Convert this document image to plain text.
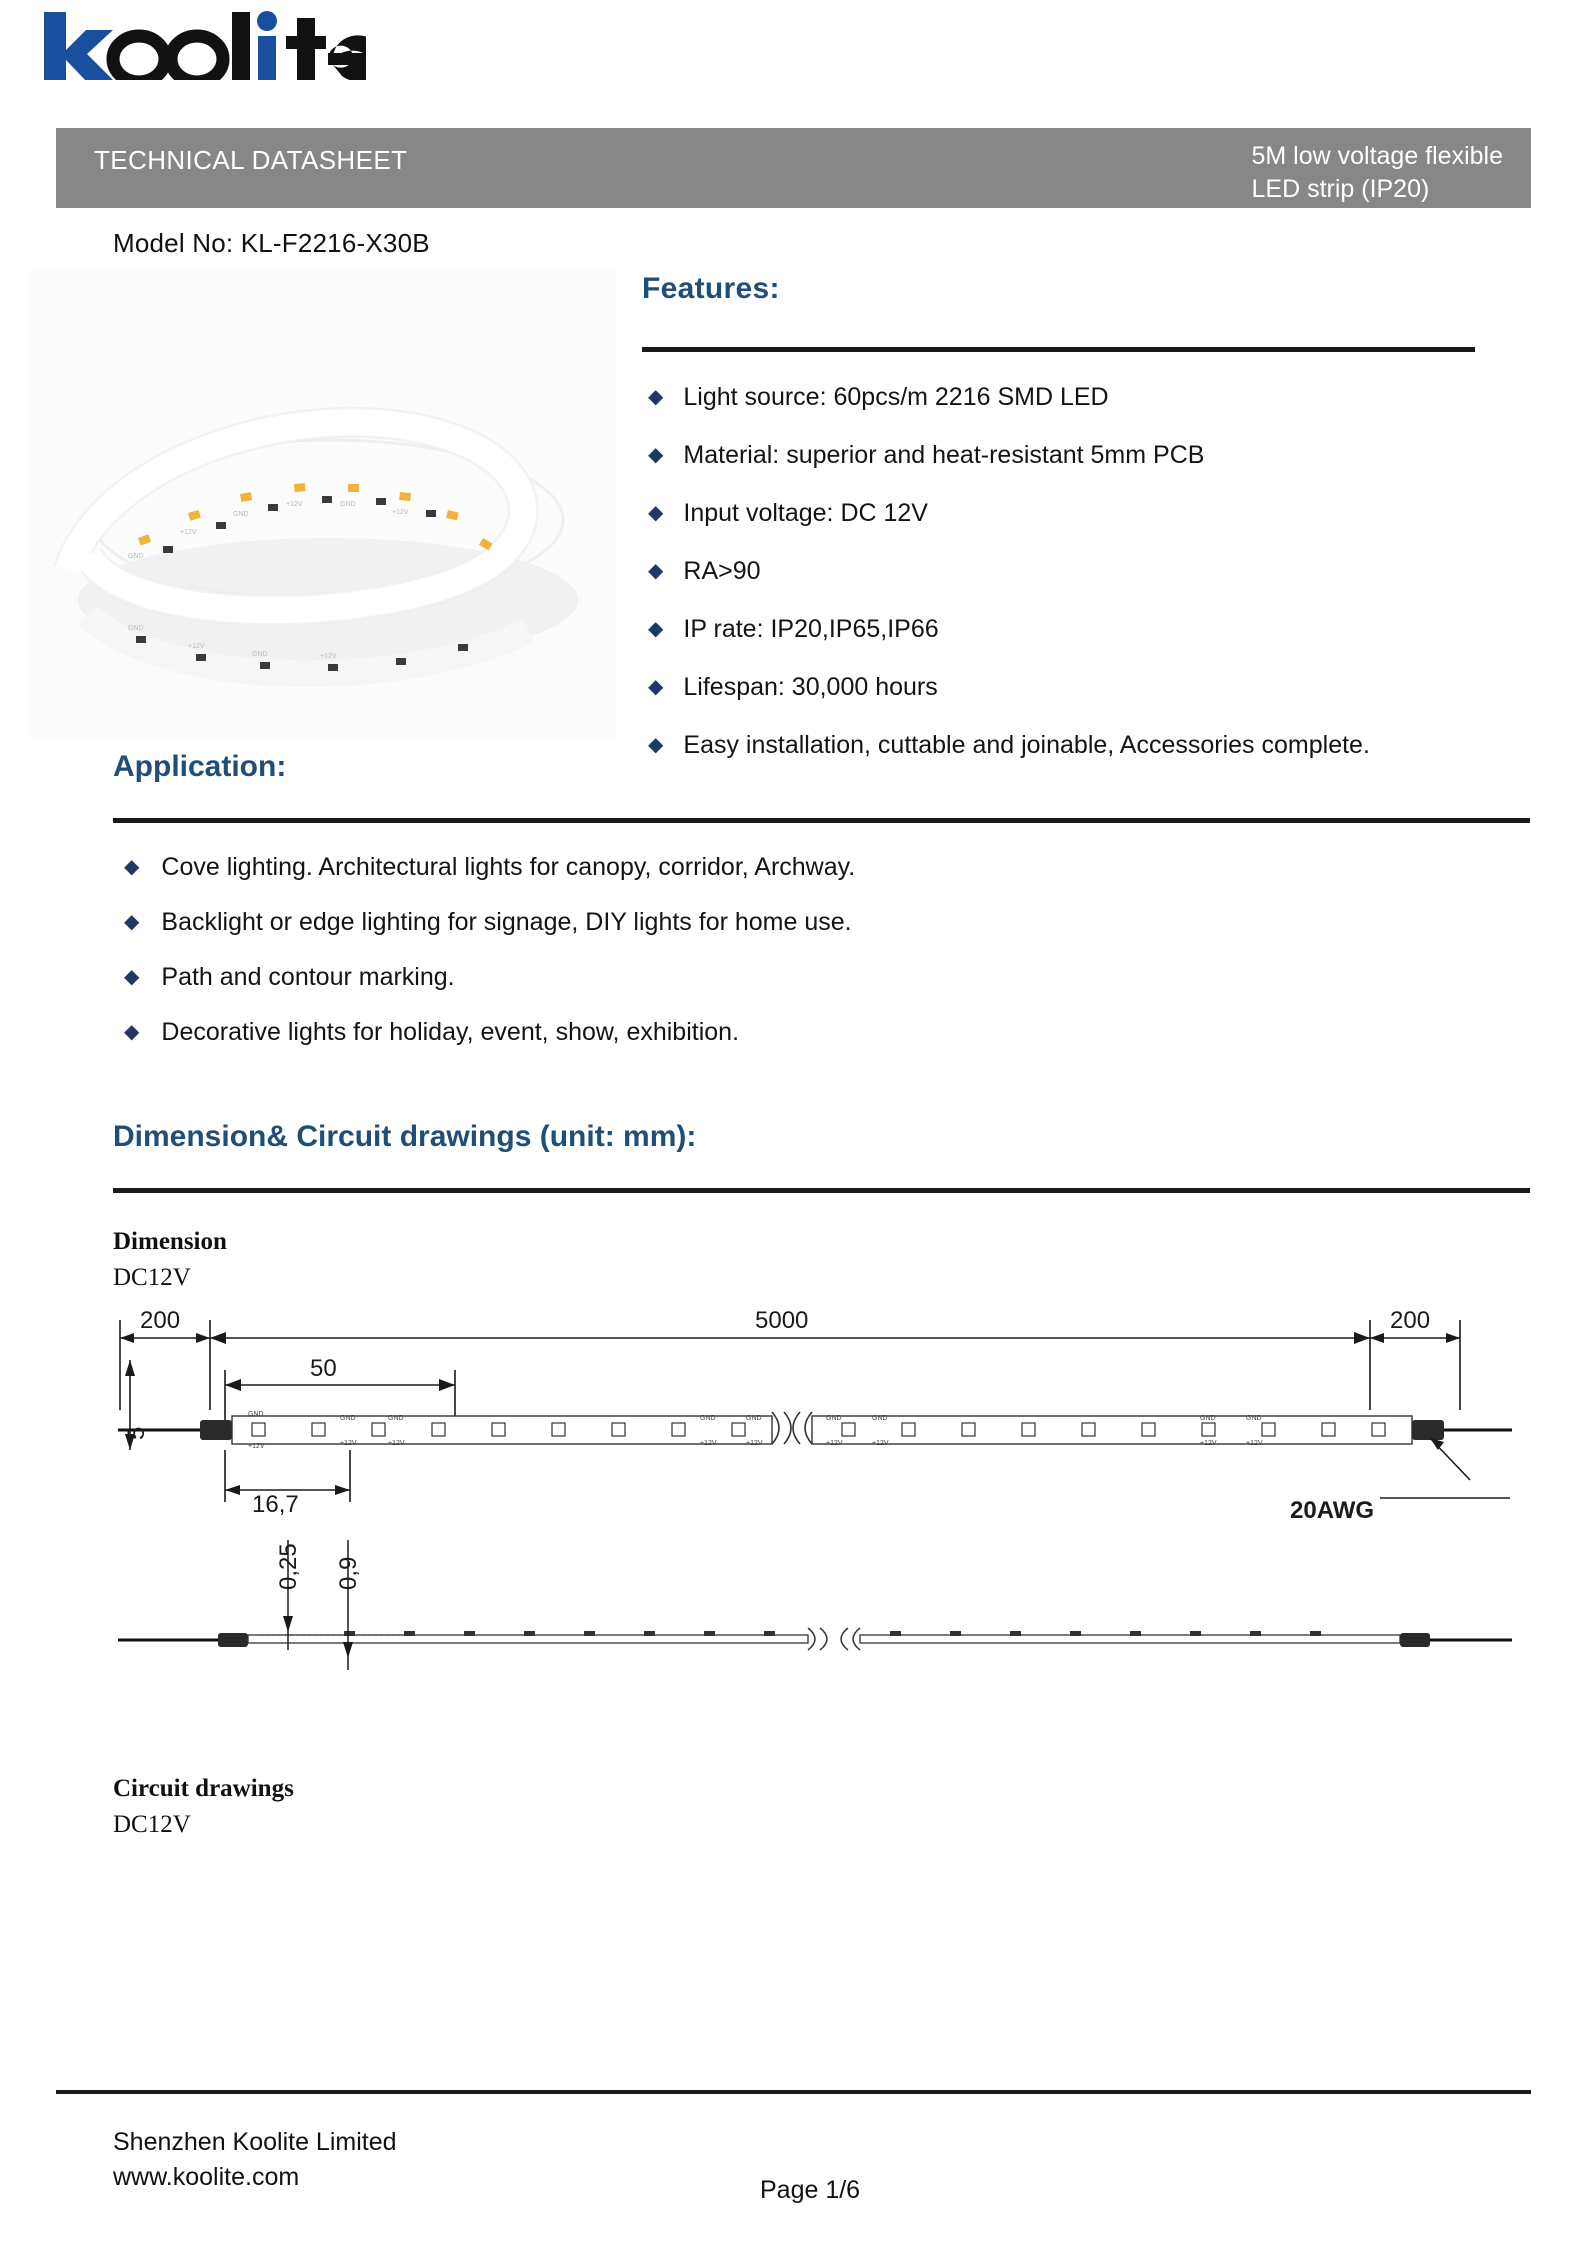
TECHNICAL DATASHEET	5M low voltage flexible
LED strip (IP20)
Model No: KL-F2216-X30B
GND
+12V
GND
+12V	GND
+12V
GND
+12V
GND	+12V
Features:
◆ Light source: 60pcs/m 2216 SMD LED
◆ Material: superior and heat-resistant 5mm PCB
◆ Input voltage: DC 12V
◆ RA>90
◆ IP rate: IP20,IP65,IP66
◆ Lifespan: 30,000 hours
◆ Easy installation, cuttable and joinable, Accessories complete.
Application:
◆ Cove lighting. Architectural lights for canopy, corridor, Archway.
◆ Backlight or edge lighting for signage, DIY lights for home use.
◆ Path and contour marking.
◆ Decorative lights for holiday, event, show, exhibition.
Dimension& Circuit drawings (unit: mm):
Dimension
DC12V
GND	GND
+12V	+12V
GND	GND
+12V	+12V
GND	GND
+12V	+12V
GND	GND
+12V	+12V
GND
+12V
200	5000	200
50
16,7	20AWG
5
0,25 0,9
Circuit drawings
DC12V
Shenzhen Koolite Limited
www.koolite.com	Page 1/6
